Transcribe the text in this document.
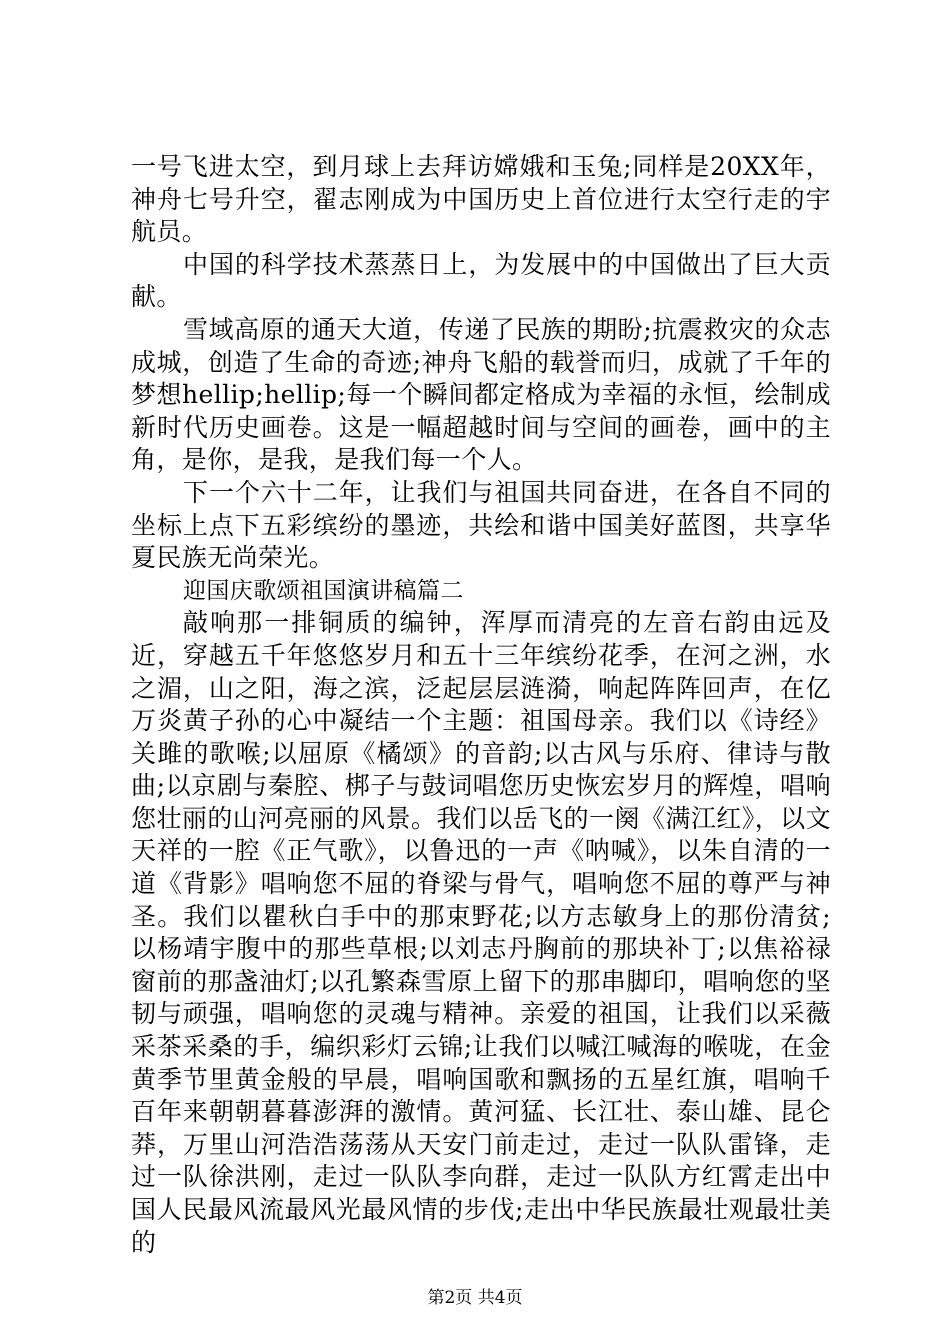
一号飞进太空，到月球上去拜访嫦娥和玉兔;同样是20XX年，神舟七号升空，翟志刚成为中国历史上首位进行太空行走的宇航员。

中国的科学技术蒸蒸日上，为发展中的中国做出了巨大贡献。

雪域高原的通天大道，传递了民族的期盼;抗震救灾的众志成城，创造了生命的奇迹;神舟飞船的载誉而归，成就了千年的梦想hellip;hellip;每一个瞬间都定格成为幸福的永恒，绘制成新时代历史画卷。这是一幅超越时间与空间的画卷，画中的主角，是你，是我，是我们每一个人。

下一个六十二年，让我们与祖国共同奋进，在各自不同的坐标上点下五彩缤纷的墨迹，共绘和谐中国美好蓝图，共享华夏民族无尚荣光。

迎国庆歌颂祖国演讲稿篇二

敲响那一排铜质的编钟，浑厚而清亮的左音右韵由远及近，穿越五千年悠悠岁月和五十三年缤纷花季，在河之洲，水之湄，山之阳，海之滨，泛起层层涟漪，响起阵阵回声，在亿万炎黄子孙的心中凝结一个主题：祖国母亲。我们以《诗经》关雎的歌喉;以屈原《橘颂》的音韵;以古风与乐府、律诗与散曲;以京剧与秦腔、梆子与鼓词唱您历史恢宏岁月的辉煌，唱响您壮丽的山河亮丽的风景。我们以岳飞的一阕《满江红》，以文天祥的一腔《正气歌》，以鲁迅的一声《呐喊》，以朱自清的一道《背影》唱响您不屈的脊梁与骨气，唱响您不屈的尊严与神圣。我们以瞿秋白手中的那束野花;以方志敏身上的那份清贫;以杨靖宇腹中的那些草根;以刘志丹胸前的那块补丁;以焦裕禄窗前的那盏油灯;以孔繁森雪原上留下的那串脚印，唱响您的坚韧与顽强，唱响您的灵魂与精神。亲爱的祖国，让我们以采薇采茶采桑的手，编织彩灯云锦;让我们以喊江喊海的喉咙，在金黄季节里黄金般的早晨，唱响国歌和飘扬的五星红旗，唱响千百年来朝朝暮暮澎湃的激情。黄河猛、长江壮、泰山雄、昆仑莽，万里山河浩浩荡荡从天安门前走过，走过一队队雷锋，走过一队徐洪刚，走过一队队李向群，走过一队队方红霄走出中国人民最风流最风光最风情的步伐;走出中华民族最壮观最壮美的

第2页 共4页
